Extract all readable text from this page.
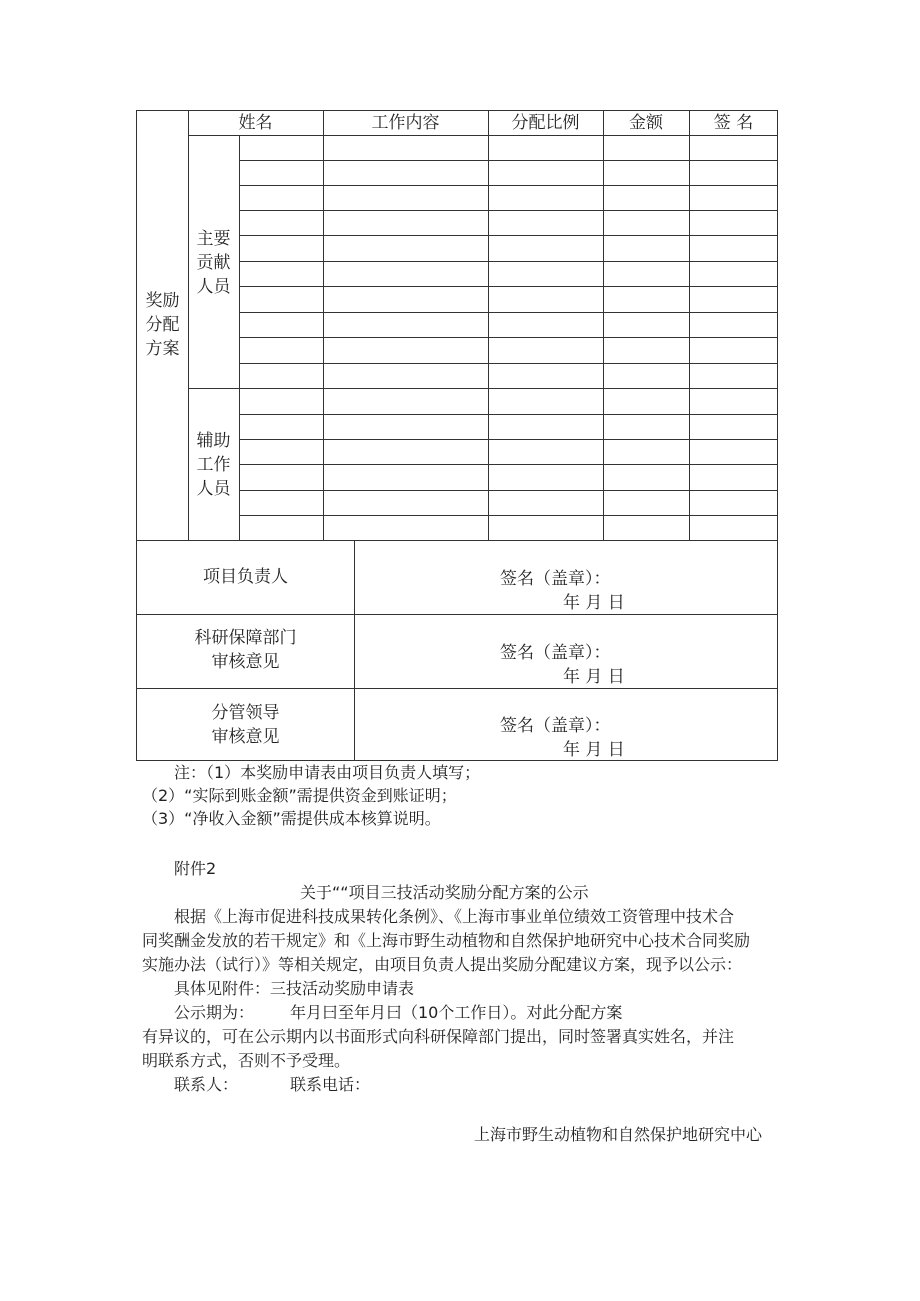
姓名	工作内容	分配比例	金额	签 名
奖励
分配
方案
主要
贡献
人员
辅助
工作
人员
项目负责人	签名（盖章）：
年 月 日
科研保障部门
审核意见	签名（盖章）：
年 月 日
分管领导
审核意见
签名（盖章）：
年 月 日
注：（1）本奖励申请表由项目负责人填写；
（2）“实际到账金额”需提供资金到账证明；
（3）“净收入金额”需提供成本核算说明。
附件2
关于““项目三技活动奖励分配方案的公示
根据《上海市促进科技成果转化条例》、《上海市事业单位绩效工资管理中技术合
同奖酬金发放的若干规定》和《上海市野生动植物和自然保护地研究中心技术合同奖励
实施办法（试行）》等相关规定，由项目负责人提出奖励分配建议方案，现予以公示：
具体见附件：三技活动奖励申请表
公示期为： 年月曰至年月曰（10个工作日）。对此分配方案
有异议的，可在公示期内以书面形式向科研保障部门提出，同时签署真实姓名，并注
明联系方式，否则不予受理。
联系人：	联系电话：
上海市野生动植物和自然保护地研究中心
